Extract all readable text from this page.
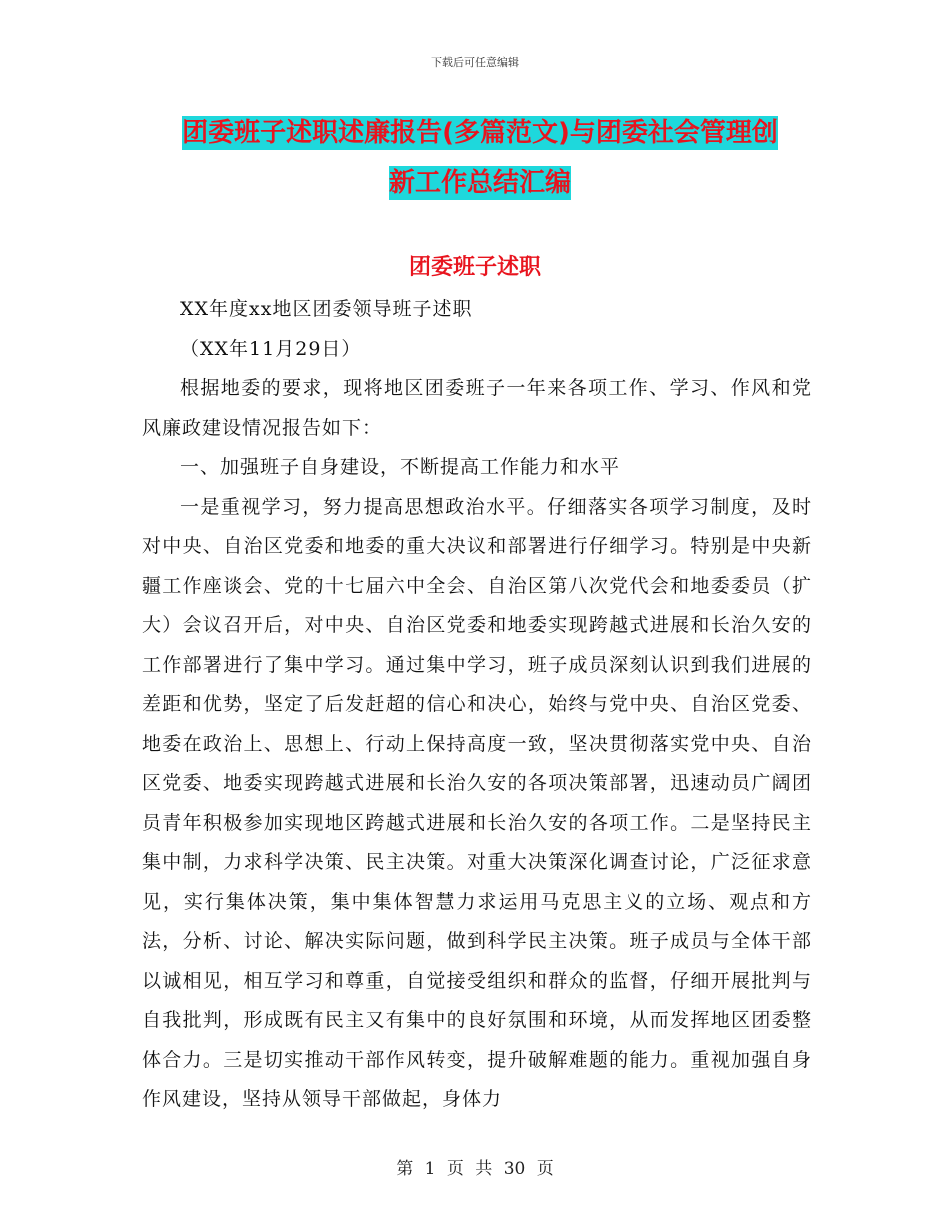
下载后可任意编辑
团委班子述职述廉报告(多篇范文)与团委社会管理创
新工作总结汇编
团委班子述职

XX年度xx地区团委领导班子述职

（XX年11月29日）

根据地委的要求，现将地区团委班子一年来各项工作、学习、作风和党风廉政建设情况报告如下：

一、加强班子自身建设，不断提高工作能力和水平

一是重视学习，努力提高思想政治水平。仔细落实各项学习制度，及时对中央、自治区党委和地委的重大决议和部署进行仔细学习。特别是中央新疆工作座谈会、党的十七届六中全会、自治区第八次党代会和地委委员（扩大）会议召开后，对中央、自治区党委和地委实现跨越式进展和长治久安的工作部署进行了集中学习。通过集中学习，班子成员深刻认识到我们进展的差距和优势，坚定了后发赶超的信心和决心，始终与党中央、自治区党委、地委在政治上、思想上、行动上保持高度一致，坚决贯彻落实党中央、自治区党委、地委实现跨越式进展和长治久安的各项决策部署，迅速动员广阔团员青年积极参加实现地区跨越式进展和长治久安的各项工作。二是坚持民主集中制，力求科学决策、民主决策。对重大决策深化调查讨论，广泛征求意见，实行集体决策，集中集体智慧力求运用马克思主义的立场、观点和方法，分析、讨论、解决实际问题，做到科学民主决策。班子成员与全体干部以诚相见，相互学习和尊重，自觉接受组织和群众的监督，仔细开展批判与自我批判，形成既有民主又有集中的良好氛围和环境，从而发挥地区团委整体合力。三是切实推动干部作风转变，提升破解难题的能力。重视加强自身作风建设，坚持从领导干部做起，身体力

第 1 页 共 30 页
